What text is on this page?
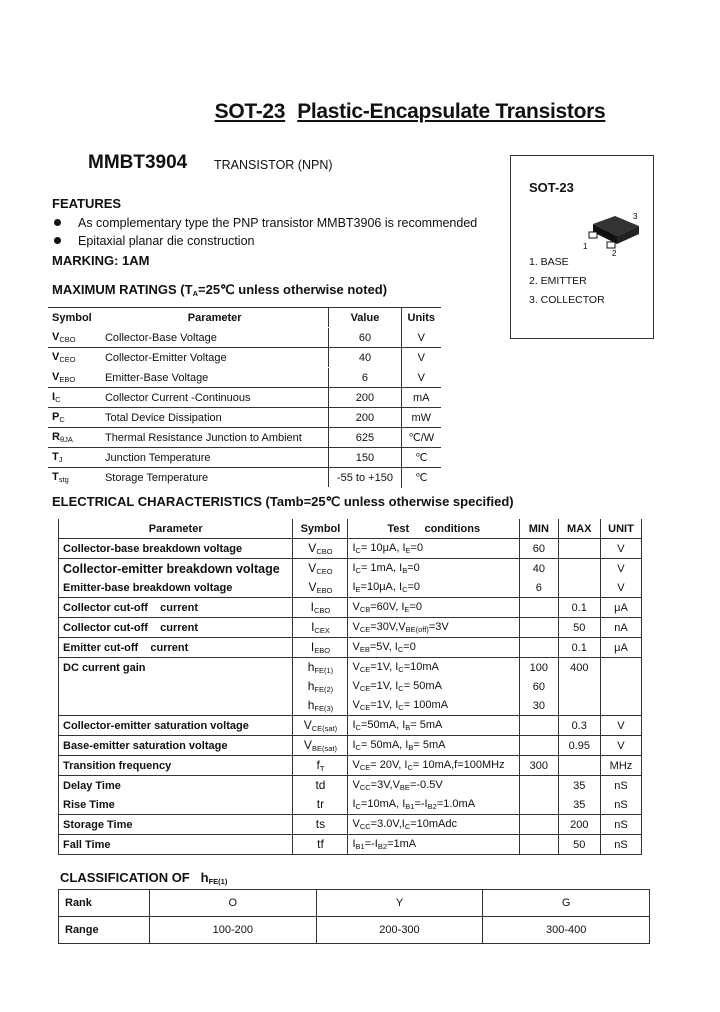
SOT-23 Plastic-Encapsulate Transistors
MMBT3904 TRANSISTOR (NPN)
FEATURES
As complementary type the PNP transistor MMBT3906 is recommended
Epitaxial planar die construction
MARKING: 1AM
MAXIMUM RATINGS ($T_A=25℃$ unless otherwise noted)
Symbol	Parameter	Value	Units
$V_{CBO}$	Collector-Base Voltage	60	V
$V_{CEO}$	Collector-Emitter Voltage	40	V
$V_{EBO}$	Emitter-Base Voltage	6	V
$I_C$	Collector Current -Continuous	200	mA
$P_C$	Total Device Dissipation	200	mW
$R_{\theta JA}$	Thermal Resistance Junction to Ambient	625	℃/W
$T_J$	Junction Temperature	150	℃
$T_{stg}$	Storage Temperature	-55 to +150	℃
ELECTRICAL CHARACTERISTICS (Tamb=25℃ unless otherwise specified)
Parameter	Symbol	Test     conditions	MIN	MAX	UNIT
Collector-base breakdown voltage	$V_{CBO}$	$I_C= 10\mu A$, $I_E=0$	60		V
Collector-emitter breakdown voltage	$V_{CEO}$	$I_C= 1mA$, $I_B=0$	40		V
Emitter-base breakdown voltage	$V_{EBO}$	$I_E=10\mu A$, $I_C=0$	6		V
Collector cut-off    current	$I_{CBO}$	$V_{CB}=60V$, $I_E=0$		0.1	μA
Collector cut-off    current	$I_{CEX}$	$V_{CE}=30V,V_{BE(off)}=3V$		50	nA
Emitter cut-off    current	$I_{EBO}$	$V_{EB}=5V$, $I_C=0$		0.1	μA
DC current gain	$h_{FE(1)}$	$V_{CE}=1V$, $I_C=10mA$	100	400	
	$h_{FE(2)}$	$V_{CE}=1V$, $I_C= 50mA$	60		
	$h_{FE(3)}$	$V_{CE}=1V$, $I_C= 100mA$	30		
Collector-emitter saturation voltage	$V_{CE(sat)}$	$I_C=50mA$, $I_B= 5mA$		0.3	V
Base-emitter saturation voltage	$V_{BE(sat)}$	$I_C= 50mA$, $I_B= 5mA$		0.95	V
Transition frequency	$f_T$	$V_{CE}= 20V$, $I_C= 10mA,f=100MHz$	300		MHz
Delay Time	td	$V_{CC}=3V,V_{BE}=-0.5V$		35	nS
Rise Time	tr	$I_C=10mA$, $I_{B1}=-I_{B2}=1.0mA$		35	nS
Storage Time	ts	$V_{CC}=3.0V,I_C=10mAdc$		200	nS
Fall Time	tf	$I_{B1}=-I_{B2}=1mA$		50	nS
CLASSIFICATION OF $h_{FE(1)}$
Rank	O	Y	G
Range	100-200	200-300	300-400
SOT-23
3
1
2
1. BASE
2. EMITTER
3. COLLECTOR
